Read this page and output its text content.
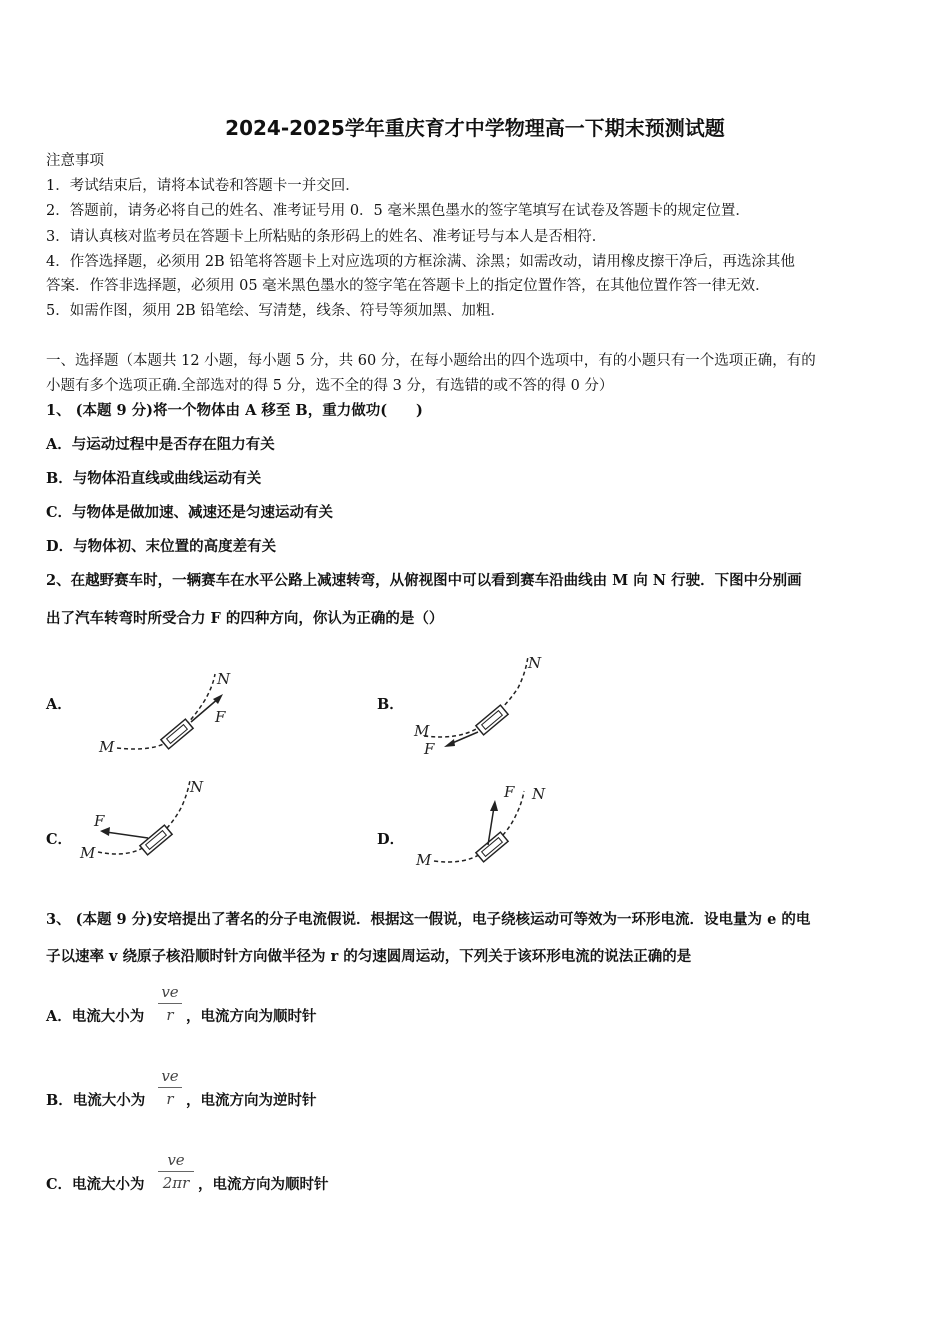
2024-2025学年重庆育才中学物理高一下期末预测试题
注意事项
1．考试结束后，请将本试卷和答题卡一并交回．
2．答题前，请务必将自己的姓名、准考证号用 0．5 毫米黑色墨水的签字笔填写在试卷及答题卡的规定位置．
3．请认真核对监考员在答题卡上所粘贴的条形码上的姓名、准考证号与本人是否相符．
4．作答选择题，必须用 2B 铅笔将答题卡上对应选项的方框涂满、涂黑；如需改动，请用橡皮擦干净后，再选涂其他
答案．作答非选择题，必须用 05 毫米黑色墨水的签字笔在答题卡上的指定位置作答，在其他位置作答一律无效．
5．如需作图，须用 2B 铅笔绘、写清楚，线条、符号等须加黑、加粗．
一、选择题（本题共 12 小题，每小题 5 分，共 60 分，在每小题给出的四个选项中，有的小题只有一个选项正确，有的
小题有多个选项正确.全部选对的得 5 分，选不全的得 3 分，有选错的或不答的得 0 分）
1、 (本题 9 分)将一个物体由 A 移至 B，重力做功(　　)
A．与运动过程中是否存在阻力有关
B．与物体沿直线或曲线运动有关
C．与物体是做加速、减速还是匀速运动有关
D．与物体初、末位置的高度差有关
2、在越野赛车时，一辆赛车在水平公路上减速转弯，从俯视图中可以看到赛车沿曲线由 M 向 N 行驶．下图中分别画
出了汽车转弯时所受合力 F 的四种方向，你认为正确的是（）
A．
M
N
F
B．
M
N
F
C．
M
N
F
D．
M
N
F
3、 (本题 9 分)安培提出了著名的分子电流假说．根据这一假说，电子绕核运动可等效为一环形电流．设电量为 e 的电
子以速率 v 绕原子核沿顺时针方向做半径为 r 的匀速圆周运动，下列关于该环形电流的说法正确的是
A．电流大小为
ve
r ，电流方向为顺时针
B．电流大小为
ve
r ，电流方向为逆时针
C．电流大小为
ve
2πr ，电流方向为顺时针
